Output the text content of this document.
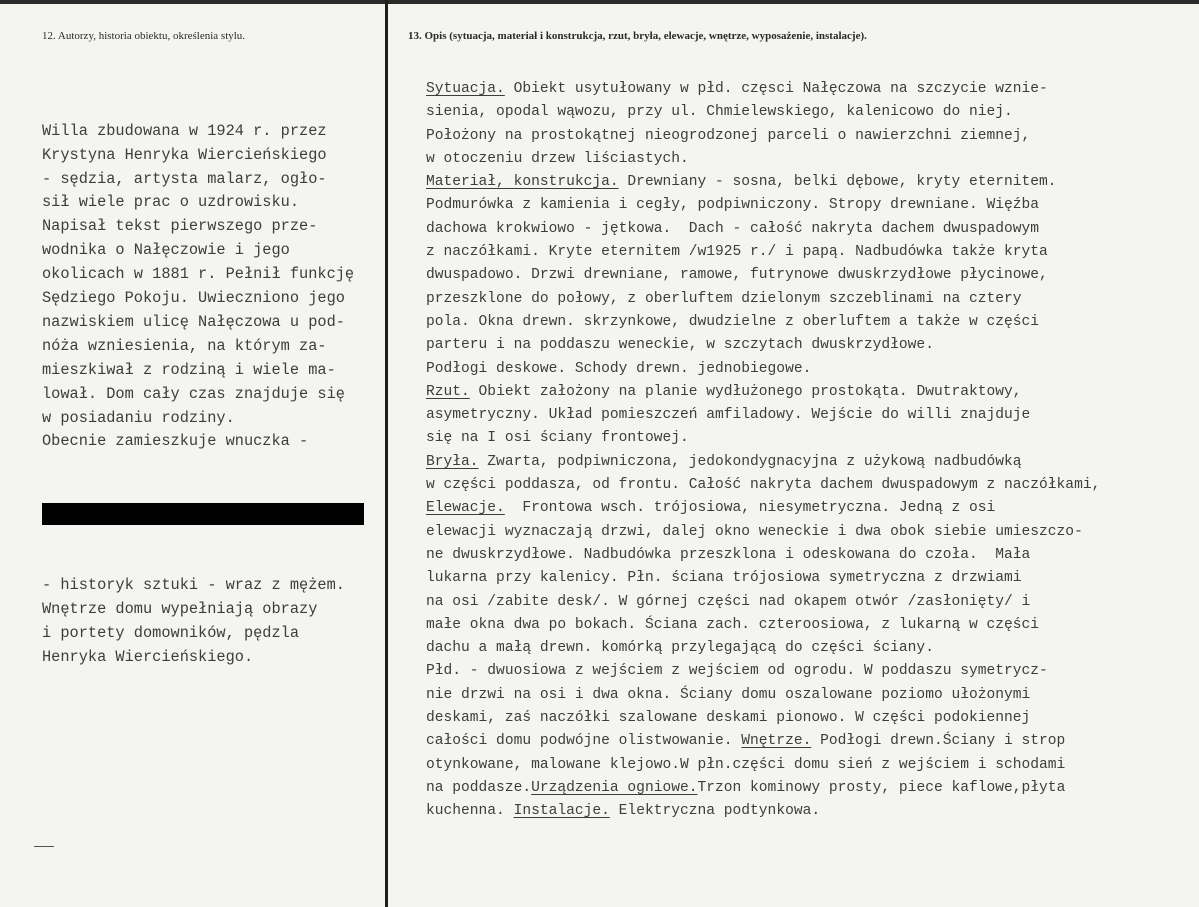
12. Autorzy, historia obiektu, określenia stylu.	13. Opis (sytuacja, materiał i konstrukcja, rzut, bryła, elewacje, wnętrze, wyposażenie, instalacje).

Willa zbudowana w 1924 r. przez
Krystyna Henryka Wiercieńskiego
- sędzia, artysta malarz, ogło-
sił wiele prac o uzdrowisku.
Napisał tekst pierwszego prze-
wodnika o Nałęczowie i jego
okolicach w 1881 r. Pełnił funkcję
Sędziego Pokoju. Uwieczniono jego
nazwiskiem ulicę Nałęczowa u pod-
nóża wzniesienia, na którym za-
mieszkiwał z rodziną i wiele ma-
lował. Dom cały czas znajduje się
w posiadaniu rodziny.
Obecnie zamieszkuje wnuczka -

- historyk sztuki - wraz z mężem.
Wnętrze domu wypełniają obrazy
i portety domowników, pędzla
Henryka Wiercieńskiego.

Sytuacja. Obiekt usytułowany w płd. częsci Nałęczowa na szczycie wznie-
sienia, opodal wąwozu, przy ul. Chmielewskiego, kalenicowo do niej.
Położony na prostokątnej nieogrodzonej parceli o nawierzchni ziemnej,
w otoczeniu drzew liściastych.
Materiał, konstrukcja. Drewniany - sosna, belki dębowe, kryty eternitem.
Podmurówka z kamienia i cegły, podpiwniczony. Stropy drewniane. Więźba
dachowa krokwiowo - jętkowa.  Dach - całość nakryta dachem dwuspadowym
z naczółkami. Kryte eternitem /w1925 r./ i papą. Nadbudówka także kryta
dwuspadowo. Drzwi drewniane, ramowe, futrynowe dwuskrzydłowe płycinowe,
przeszklone do połowy, z oberluftem dzielonym szczeblinami na cztery
pola. Okna drewn. skrzynkowe, dwudzielne z oberluftem a także w części
parteru i na poddaszu weneckie, w szczytach dwuskrzydłowe.
Podłogi deskowe. Schody drewn. jednobiegowe.
Rzut. Obiekt założony na planie wydłużonego prostokąta. Dwutraktowy,
asymetryczny. Układ pomieszczeń amfiladowy. Wejście do willi znajduje
się na I osi ściany frontowej.
Bryła. Zwarta, podpiwniczona, jedokondygnacyjna z użykową nadbudówką
w części poddasza, od frontu. Całość nakryta dachem dwuspadowym z naczółkami,
Elewacje.  Frontowa wsch. trójosiowa, niesymetryczna. Jedną z osi
elewacji wyznaczają drzwi, dalej okno weneckie i dwa obok siebie umieszczo-
ne dwuskrzydłowe. Nadbudówka przeszklona i odeskowana do czoła.  Mała
lukarna przy kalenicy. Płn. ściana trójosiowa symetryczna z drzwiami
na osi /zabite desk/. W górnej części nad okapem otwór /zasłonięty/ i
małe okna dwa po bokach. Ściana zach. czteroosiowa, z lukarną w części
dachu a małą drewn. komórką przylegającą do części ściany.
Płd. - dwuosiowa z wejściem z wejściem od ogrodu. W poddaszu symetrycz-
nie drzwi na osi i dwa okna. Ściany domu oszalowane poziomo ułożonymi
deskami, zaś naczółki szalowane deskami pionowo. W części podokiennej
całości domu podwójne olistwowanie. Wnętrze. Podłogi drewn.Ściany i strop
otynkowane, malowane klejowo.W płn.części domu sień z wejściem i schodami
na poddasze.Urządzenia ogniowe.Trzon kominowy prosty, piece kaflowe,płyta
kuchenna. Instalacje. Elektryczna podtynkowa.
